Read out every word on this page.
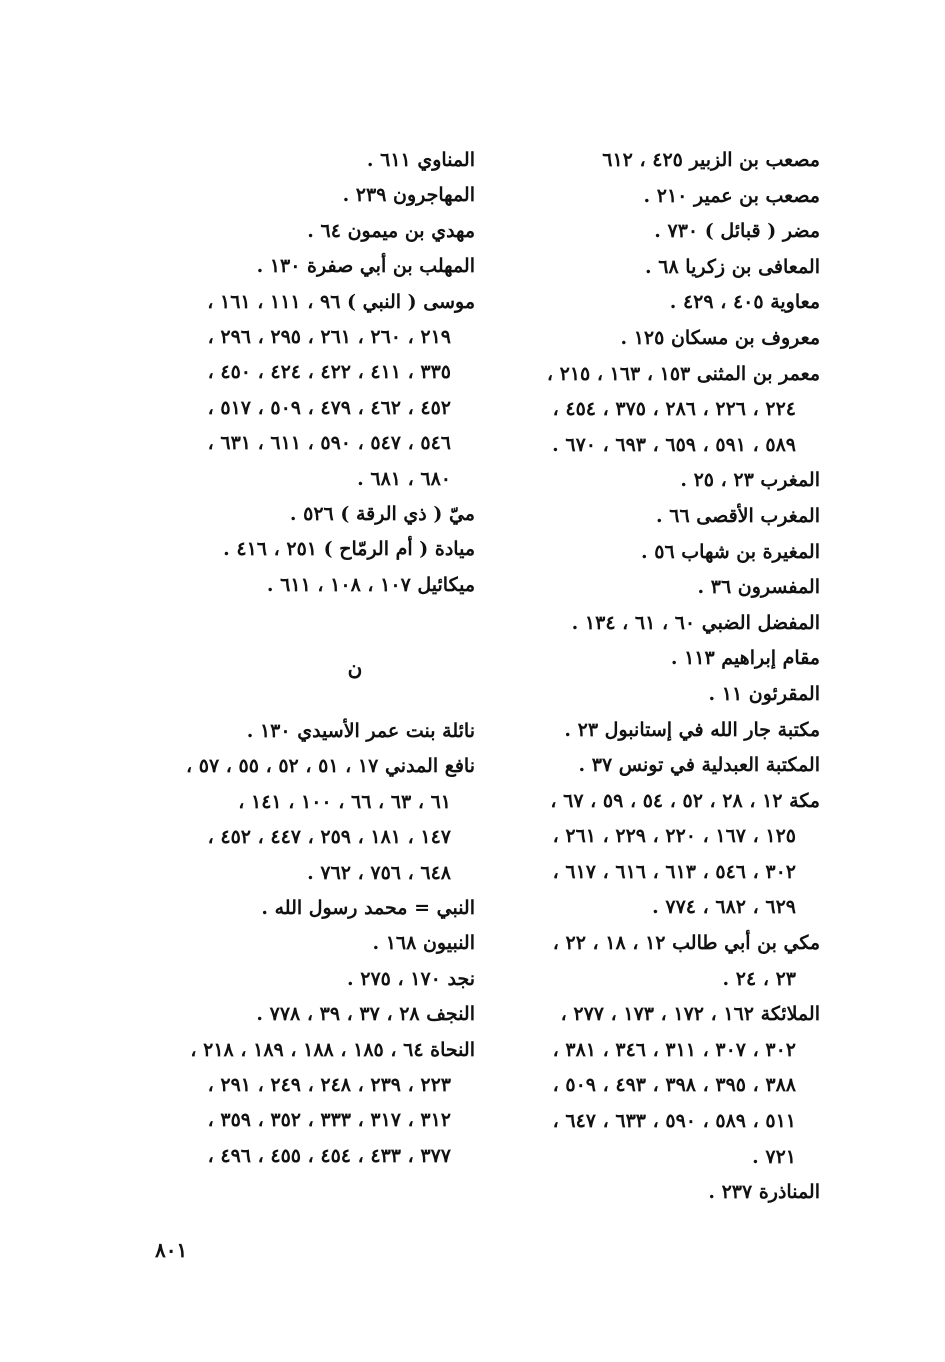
مصعب بن الزبير ٤٢٥ ، ٦١٢
مصعب بن عمير ٢١٠ .
مضر ( قبائل ) ٧٣٠ .
المعافى بن زكريا ٦٨ .
معاوية ٤٠٥ ، ٤٢٩ .
معروف بن مسكان ١٢٥ .
معمر بن المثنى ١٥٣ ، ١٦٣ ، ٢١٥ ،
٢٢٤ ، ٢٢٦ ، ٢٨٦ ، ٣٧٥ ، ٤٥٤ ،
٥٨٩ ، ٥٩١ ، ٦٥٩ ، ٦٩٣ ، ٦٧٠ .
المغرب ٢٣ ، ٢٥ .
المغرب الأقصى ٦٦ .
المغيرة بن شهاب ٥٦ .
المفسرون ٣٦ .
المفضل الضبي ٦٠ ، ٦١ ، ١٣٤ .
مقام إبراهيم ١١٣ .
المقرئون ١١ .
مكتبة جار الله في إستانبول ٢٣ .
المكتبة العبدلية في تونس ٣٧ .
مكة ١٢ ، ٢٨ ، ٥٢ ، ٥٤ ، ٥٩ ، ٦٧ ،
١٢٥ ، ١٦٧ ، ٢٢٠ ، ٢٢٩ ، ٢٦١ ،
٣٠٢ ، ٥٤٦ ، ٦١٣ ، ٦١٦ ، ٦١٧ ،
٦٢٩ ، ٦٨٢ ، ٧٧٤ .
مكي بن أبي طالب ١٢ ، ١٨ ، ٢٢ ،
٢٣ ، ٢٤ .
الملائكة ١٦٢ ، ١٧٢ ، ١٧٣ ، ٢٧٧ ،
٣٠٢ ، ٣٠٧ ، ٣١١ ، ٣٤٦ ، ٣٨١ ،
٣٨٨ ، ٣٩٥ ، ٣٩٨ ، ٤٩٣ ، ٥٠٩ ،
٥١١ ، ٥٨٩ ، ٥٩٠ ، ٦٣٣ ، ٦٤٧ ،
٧٢١ .
المناذرة ٢٣٧ .
المناوي ٦١١ .
المهاجرون ٢٣٩ .
مهدي بن ميمون ٦٤ .
المهلب بن أبي صفرة ١٣٠ .
موسى ( النبي ) ٩٦ ، ١١١ ، ١٦١ ،
٢١٩ ، ٢٦٠ ، ٢٦١ ، ٢٩٥ ، ٢٩٦ ،
٣٣٥ ، ٤١١ ، ٤٢٢ ، ٤٢٤ ، ٤٥٠ ،
٤٥٢ ، ٤٦٢ ، ٤٧٩ ، ٥٠٩ ، ٥١٧ ،
٥٤٦ ، ٥٤٧ ، ٥٩٠ ، ٦١١ ، ٦٣١ ،
٦٨٠ ، ٦٨١ .
ميّ ( ذي الرقة ) ٥٢٦ .
ميادة ( أم الرمّاح ) ٢٥١ ، ٤١٦ .
ميكائيل ١٠٧ ، ١٠٨ ، ٦١١ .
ن
نائلة بنت عمر الأسيدي ١٣٠ .
نافع المدني ١٧ ، ٥١ ، ٥٢ ، ٥٥ ، ٥٧ ،
٦١ ، ٦٣ ، ٦٦ ، ١٠٠ ، ١٤١ ،
١٤٧ ، ١٨١ ، ٢٥٩ ، ٤٤٧ ، ٤٥٢ ،
٦٤٨ ، ٧٥٦ ، ٧٦٢ .
النبي = محمد رسول الله .
النبيون ١٦٨ .
نجد ١٧٠ ، ٢٧٥ .
النجف ٢٨ ، ٣٧ ، ٣٩ ، ٧٧٨ .
النحاة ٦٤ ، ١٨٥ ، ١٨٨ ، ١٨٩ ، ٢١٨ ،
٢٢٣ ، ٢٣٩ ، ٢٤٨ ، ٢٤٩ ، ٢٩١ ،
٣١٢ ، ٣١٧ ، ٣٣٣ ، ٣٥٢ ، ٣٥٩ ،
٣٧٧ ، ٤٣٣ ، ٤٥٤ ، ٤٥٥ ، ٤٩٦ ،
٨٠١
